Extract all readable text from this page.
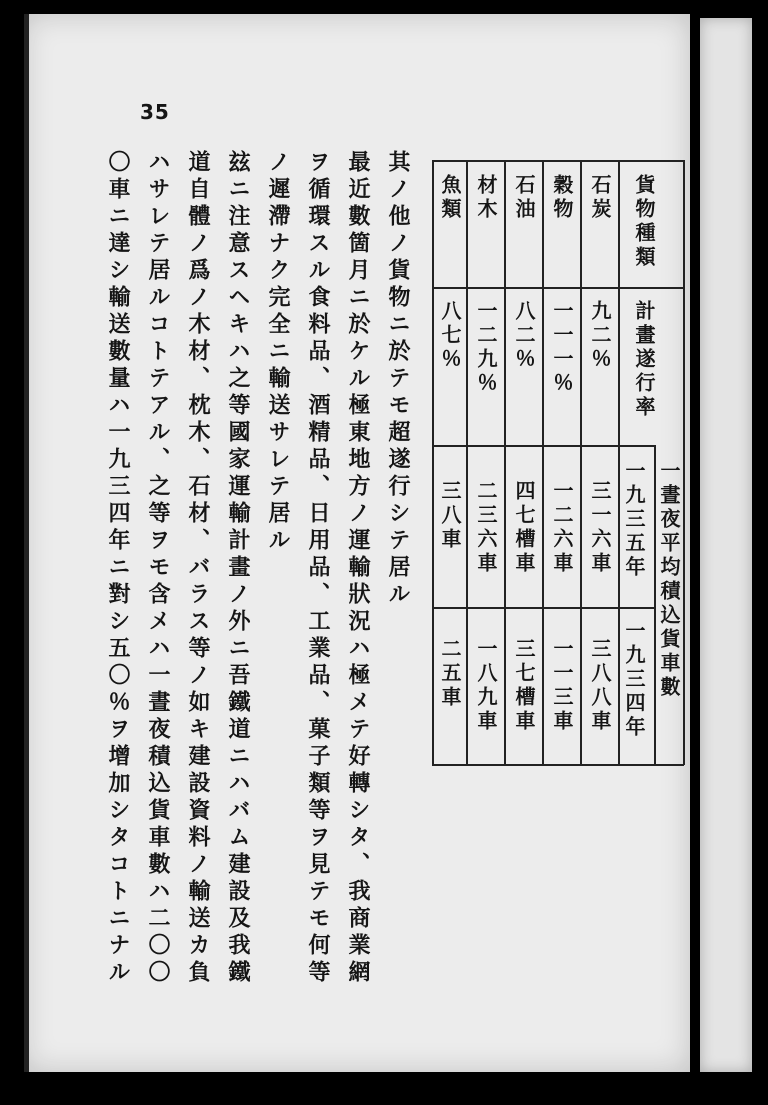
35
其ノ他ノ貨物ニ於テモ超遂行シテ居ル
最近數箇月ニ於ケル極東地方ノ運輸狀況ハ極メテ好轉シタ、我商業網
ヲ循環スル食料品、酒精品、日用品、工業品、菓子類等ヲ見テモ何等
ノ遲滯ナク完全ニ輸送サレテ居ル
玆ニ注意スヘキハ之等國家運輸計畫ノ外ニ吾鐵道ニハバム建設及我鐵
道自體ノ爲ノ木材、枕木、石材、バラス等ノ如キ建設資料ノ輸送カ負
ハサレテ居ルコトテアル、之等ヲモ含メハ一晝夜積込貨車數ハ二〇〇
〇車ニ達シ輸送數量ハ一九三四年ニ對シ五〇％ヲ增加シタコトニナル	貨物種類
計畫遂行率
一晝夜平均積込貨車數
一九三五年
一九三四年
石炭
九二％
三一六車
三八八車
穀物
一一一％
一二六車
一一三車
石油
八二％
四七槽車
三七槽車
材木
一二九％
二三六車
一八九車
魚類
八七％
三八車
二五車
